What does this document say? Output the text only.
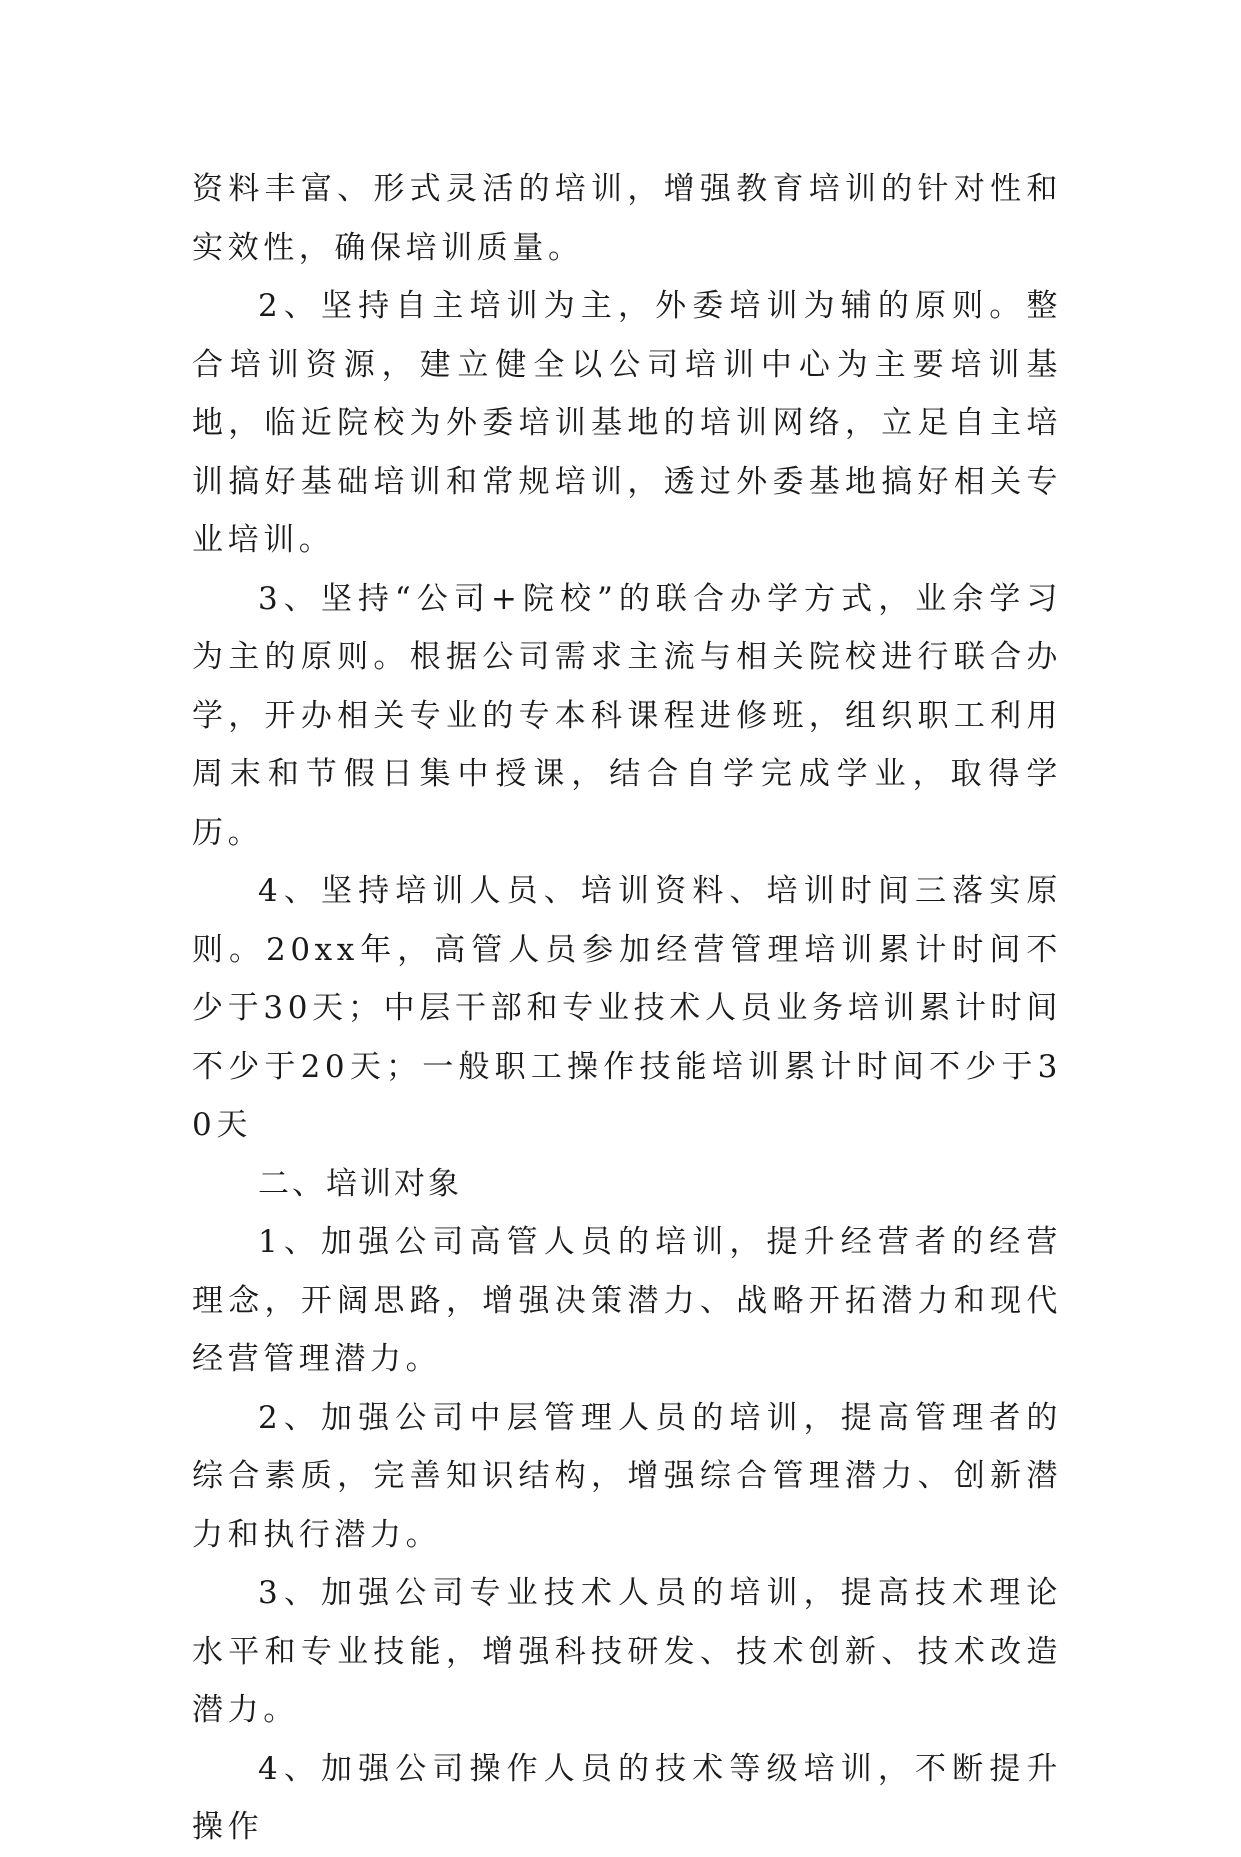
资料丰富、形式灵活的培训，增强教育培训的针对性和实效性，确保培训质量。

2、坚持自主培训为主，外委培训为辅的原则。整合培训资源，建立健全以公司培训中心为主要培训基地，临近院校为外委培训基地的培训网络，立足自主培训搞好基础培训和常规培训，透过外委基地搞好相关专业培训。

3、坚持“公司+院校”的联合办学方式，业余学习为主的原则。根据公司需求主流与相关院校进行联合办学，开办相关专业的专本科课程进修班，组织职工利用周末和节假日集中授课，结合自学完成学业，取得学历。

4、坚持培训人员、培训资料、培训时间三落实原则。20xx年，高管人员参加经营管理培训累计时间不少于30天；中层干部和专业技术人员业务培训累计时间不少于20天；一般职工操作技能培训累计时间不少于30天

二、培训对象

1、加强公司高管人员的培训，提升经营者的经营理念，开阔思路，增强决策潜力、战略开拓潜力和现代经营管理潜力。

2、加强公司中层管理人员的培训，提高管理者的综合素质，完善知识结构，增强综合管理潜力、创新潜力和执行潜力。

3、加强公司专业技术人员的培训，提高技术理论水平和专业技能，增强科技研发、技术创新、技术改造潜力。

4、加强公司操作人员的技术等级培训，不断提升操作
